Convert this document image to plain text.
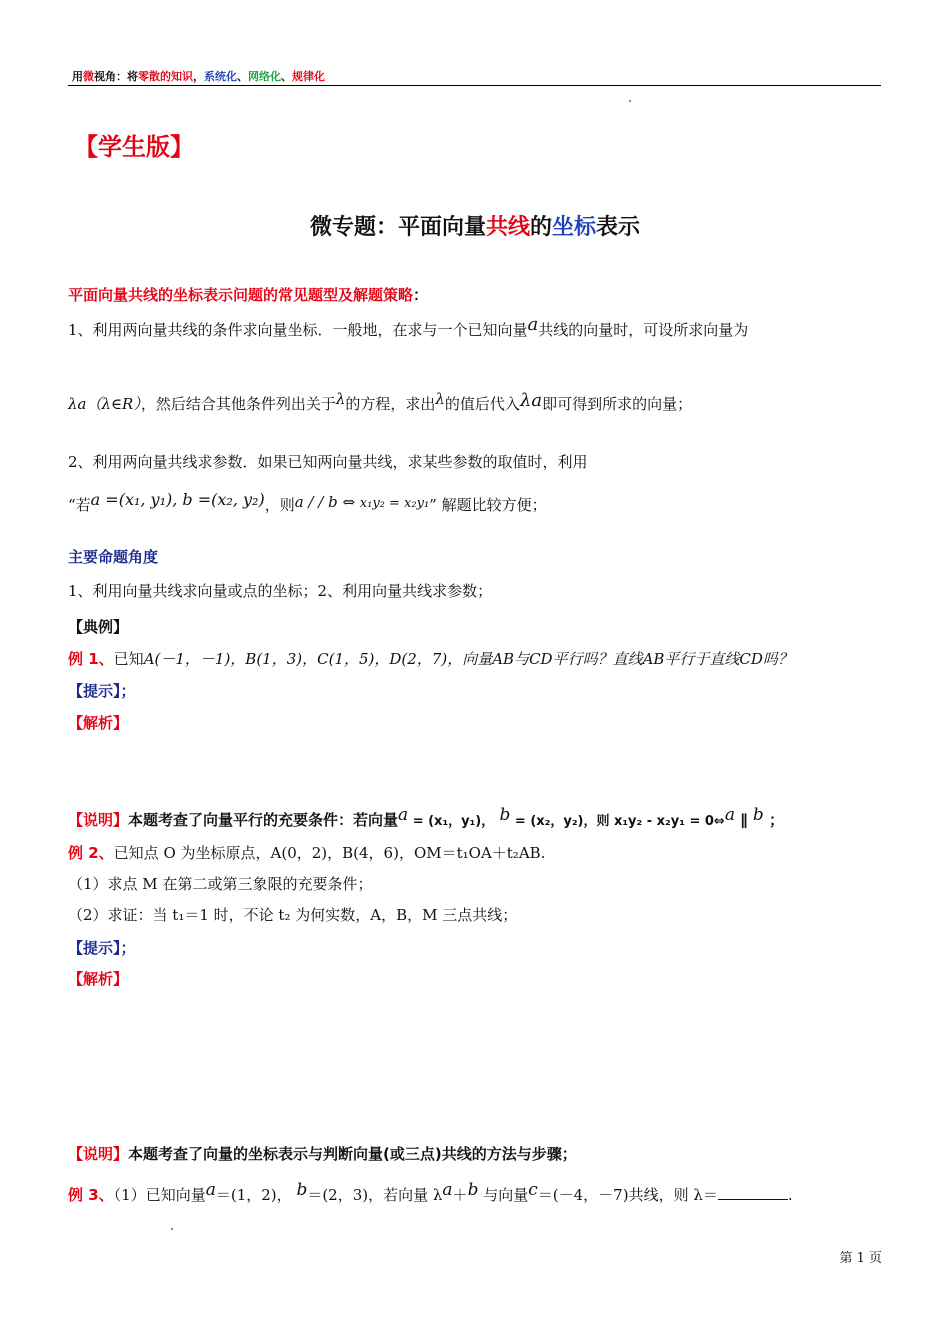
用微视角：将零散的知识，系统化、网络化、规律化
【学生版】
微专题：平面向量共线的坐标表示
平面向量共线的坐标表示问题的常见题型及解题策略：
1、利用两向量共线的条件求向量坐标．一般地，在求与一个已知向量a共线的向量时，可设所求向量为
λa（λ∈R），然后结合其他条件列出关于λ的方程，求出λ的值后代入λa即可得到所求的向量；
2、利用两向量共线求参数．如果已知两向量共线，求某些参数的取值时，利用
“若a =(x₁, y₁), b =(x₂, y₂)，则a / / b ⇔ x₁y₂ = x₂y₁” 解题比较方便；
主要命题角度
1、利用向量共线求向量或点的坐标；2、利用向量共线求参数；
【典例】
例 1、已知A(－1，－1)，B(1，3)，C(1，5)，D(2，7)，向量AB与CD平行吗？直线AB平行于直线CD吗？
【提示】；
【解析】
【说明】本题考查了向量平行的充要条件：若向量a = (x₁，y₁)， b = (x₂，y₂)，则 x₁y₂ - x₂y₁ = 0⇔a ∥ b ；
例 2、已知点 O 为坐标原点，A(0，2)，B(4，6)，OM＝t₁OA＋t₂AB.
（1）求点 M 在第二或第三象限的充要条件；
（2）求证：当 t₁＝1 时，不论 t₂ 为何实数，A，B，M 三点共线；
【提示】；
【解析】
【说明】本题考查了向量的坐标表示与判断向量(或三点)共线的方法与步骤；
例 3、（1）已知向量a＝(1，2)， b＝(2，3)，若向量 λa＋b 与向量c＝(－4，－7)共线，则 λ＝	.
第 1 页
